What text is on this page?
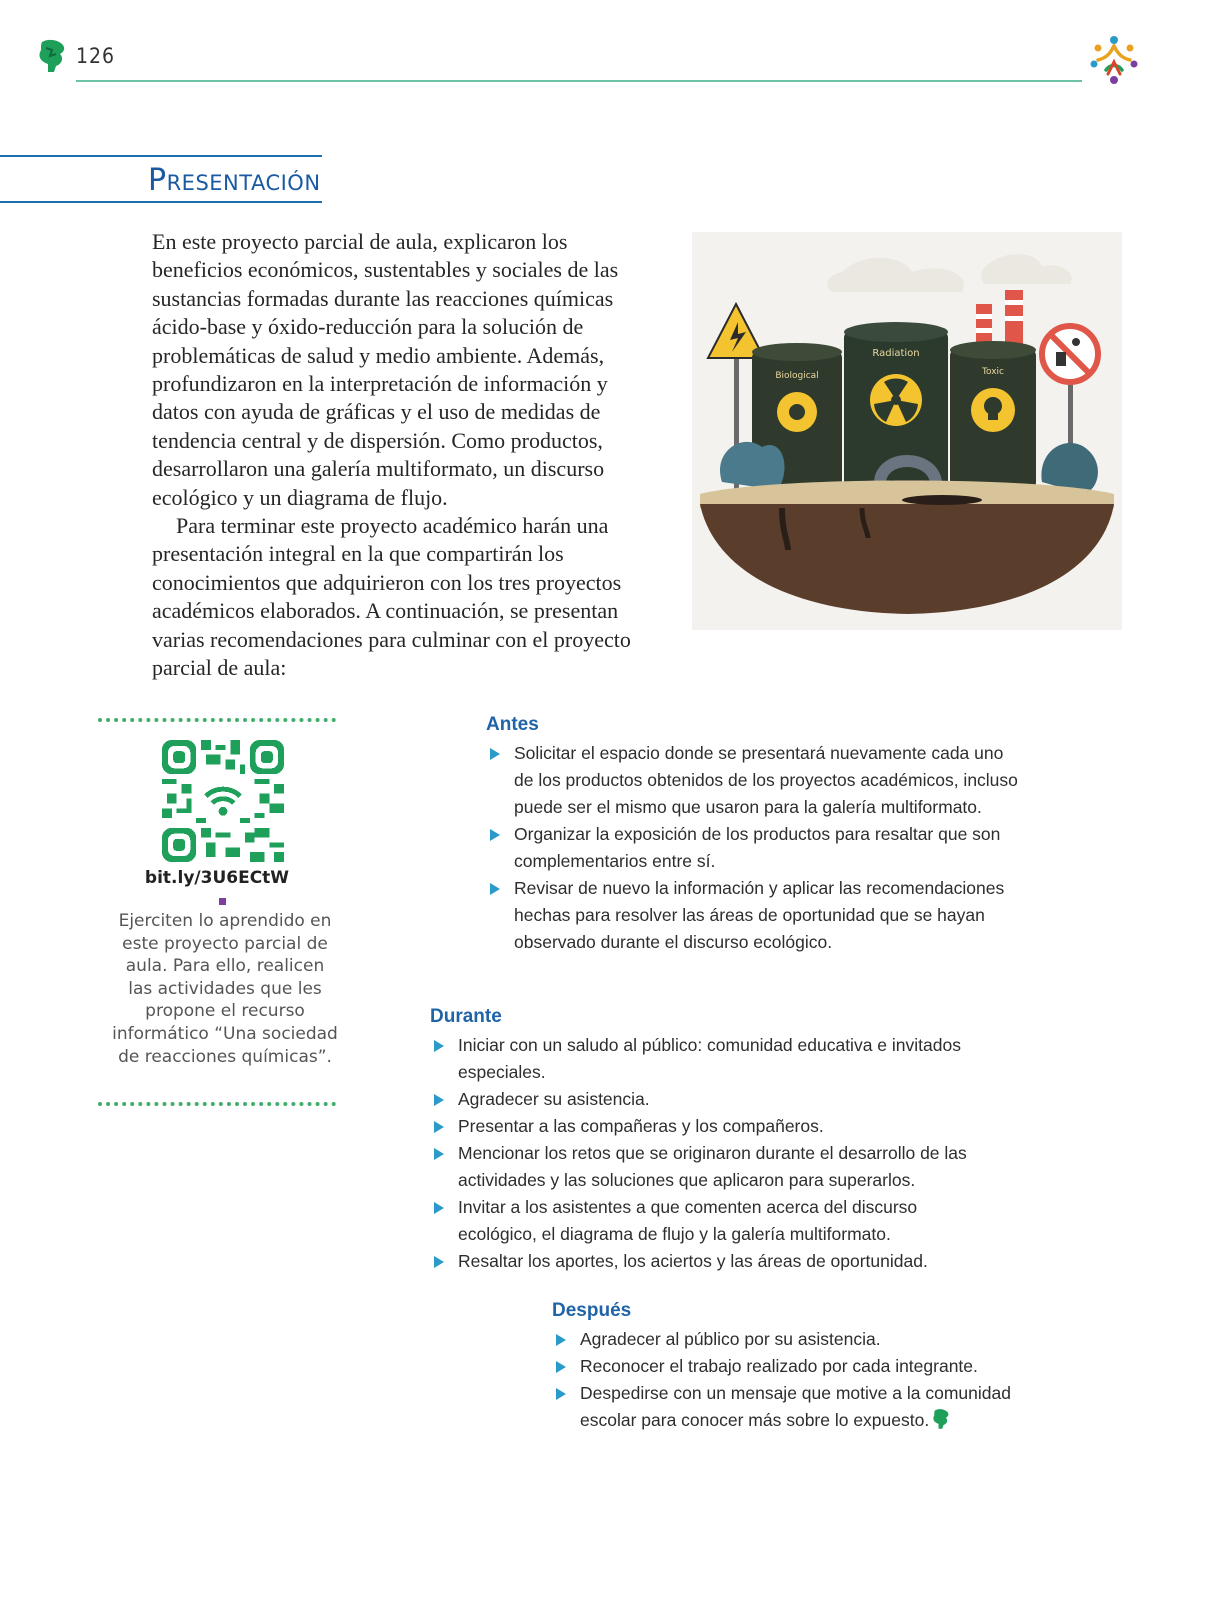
126
Presentación

En este proyecto parcial de aula, explicaron los beneficios económicos, sustentables y sociales de las sustancias formadas durante las reacciones químicas ácido-base y óxido-reducción para la solución de problemáticas de salud y medio ambiente. Además, profundizaron en la interpretación de información y datos con ayuda de gráficas y el uso de medidas de tendencia central y de dispersión. Como productos, desarrollaron una galería multiformato, un discurso ecológico y un diagrama de flujo.

Para terminar este proyecto académico harán una presentación integral en la que compartirán los conocimientos que adquirieron con los tres proyectos académicos elaborados. A continuación, se presentan varias recomendaciones para culminar con el proyecto parcial de aula:

Biological
Radiation
Toxic
bit.ly/3U6ECtW
Ejerciten lo aprendido en este proyecto parcial de aula. Para ello, realicen las actividades que les propone el recurso informático “Una sociedad de reacciones químicas”.
Antes
Solicitar el espacio donde se presentará nuevamente cada uno de los productos obtenidos de los proyectos académicos, incluso puede ser el mismo que usaron para la galería multiformato.
Organizar la exposición de los productos para resaltar que son complementarios entre sí.
Revisar de nuevo la información y aplicar las recomendaciones hechas para resolver las áreas de oportunidad que se hayan observado durante el discurso ecológico.
Durante
Iniciar con un saludo al público: comunidad educativa e invitados especiales.
Agradecer su asistencia.
Presentar a las compañeras y los compañeros.
Mencionar los retos que se originaron durante el desarrollo de las actividades y las soluciones que aplicaron para superarlos.
Invitar a los asistentes a que comenten acerca del discurso ecológico, el diagrama de flujo y la galería multiformato.
Resaltar los aportes, los aciertos y las áreas de oportunidad.
Después
Agradecer al público por su asistencia.
Reconocer el trabajo realizado por cada integrante.
Despedirse con un mensaje que motive a la comunidad escolar para conocer más sobre lo expuesto.
